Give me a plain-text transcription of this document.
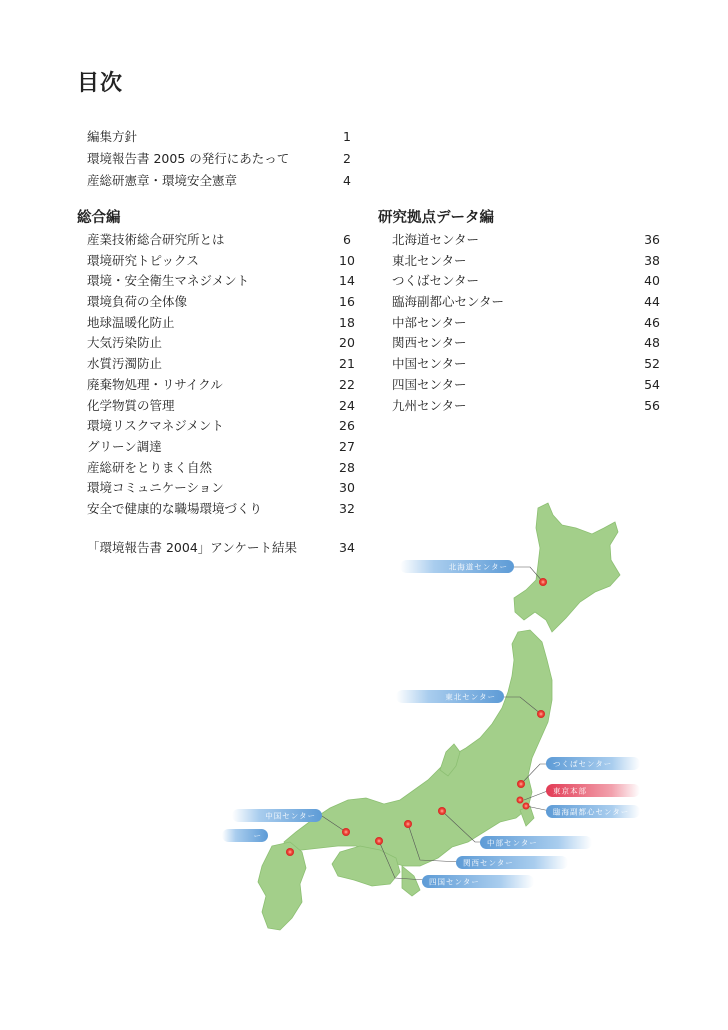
目次
編集方針	1
環境報告書 2005 の発行にあたって	2
産総研憲章・環境安全憲章	4
総合編	研究拠点データ編
産業技術総合研究所とは	6
環境研究トピックス	10
環境・安全衛生マネジメント	14
環境負荷の全体像	16
地球温暖化防止	18
大気汚染防止	20
水質汚濁防止	21
廃棄物処理・リサイクル	22
化学物質の管理	24
環境リスクマネジメント	26
グリーン調達	27
産総研をとりまく自然	28
環境コミュニケーション	30
安全で健康的な職場環境づくり	32
「環境報告書 2004」アンケート結果	34
北海道センター	36
東北センター	38
つくばセンター	40
臨海副都心センター	44
中部センター	46
関西センター	48
中国センター	52
四国センター	54
九州センター	56
北海道センター
東北センター
つくばセンター
東京本部
臨海副都心センター
中国センター
ー
中部センター
関西センター
四国センター
